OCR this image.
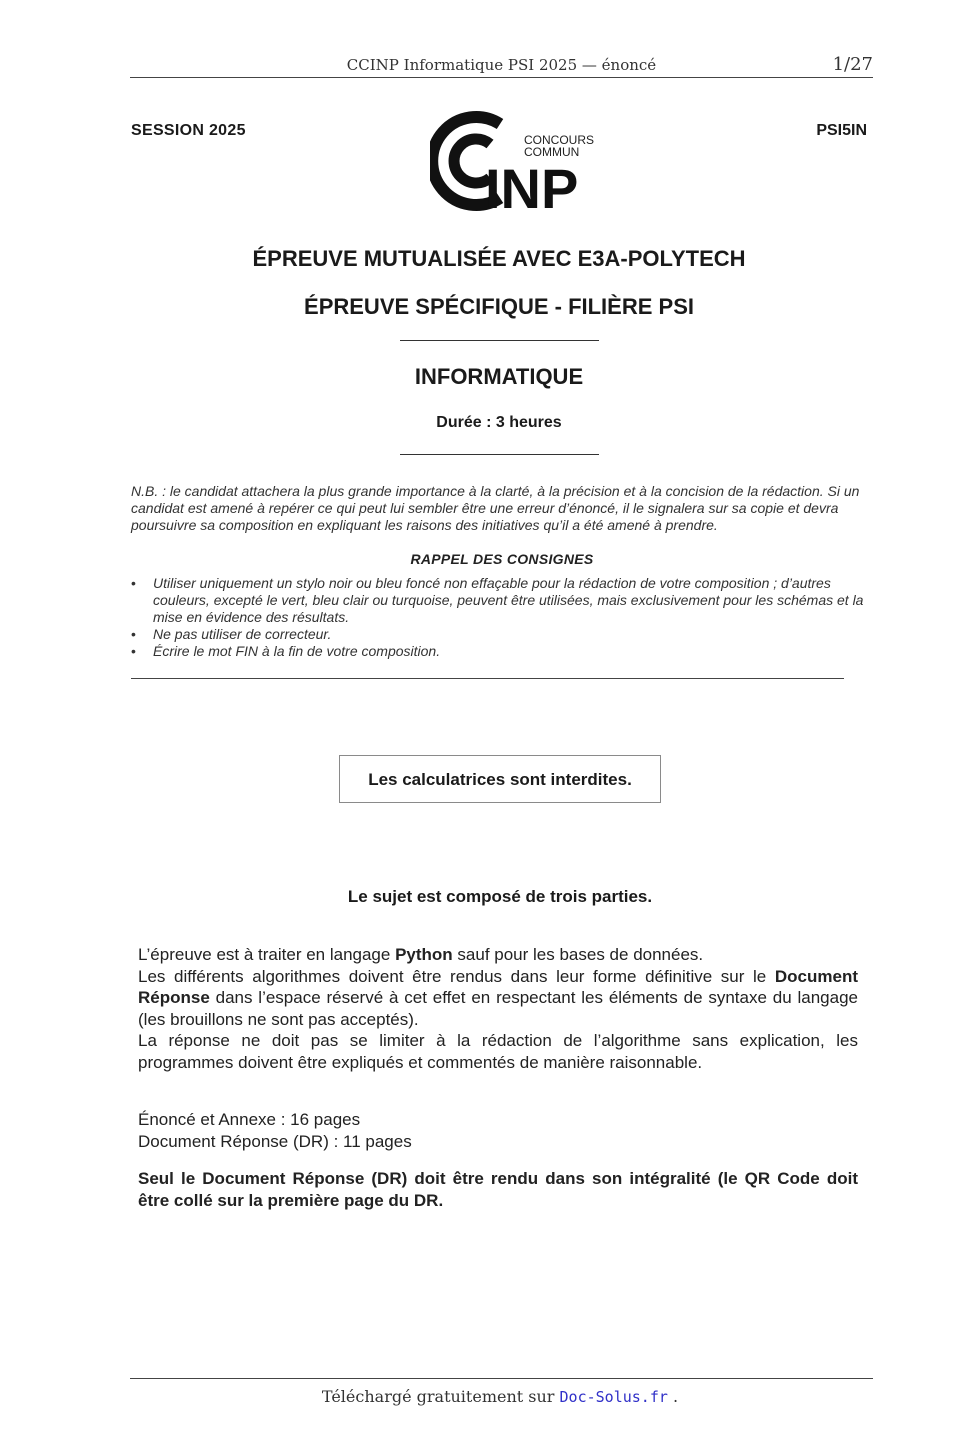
CCINP Informatique PSI 2025 — énoncé	1/27
SESSION 2025	PSI5IN
CONCOURS
COMMUN
INP
ÉPREUVE MUTUALISÉE AVEC E3A-POLYTECH
ÉPREUVE SPÉCIFIQUE - FILIÈRE PSI
INFORMATIQUE
Durée : 3 heures
N.B. : le candidat attachera la plus grande importance à la clarté, à la précision et à la concision de la rédaction. Si un candidat est amené à repérer ce qui peut lui sembler être une erreur d’énoncé, il le signalera sur sa copie et devra poursuivre sa composition en expliquant les raisons des initiatives qu’il a été amené à prendre.
RAPPEL DES CONSIGNES
• Utiliser uniquement un stylo noir ou bleu foncé non effaçable pour la rédaction de votre composition ; d’autres couleurs, excepté le vert, bleu clair ou turquoise, peuvent être utilisées, mais exclusivement pour les schémas et la mise en évidence des résultats.
• Ne pas utiliser de correcteur.
• Écrire le mot FIN à la fin de votre composition.
Les calculatrices sont interdites.
Le sujet est composé de trois parties.
L’épreuve est à traiter en langage Python sauf pour les bases de données.
Les différents algorithmes doivent être rendus dans leur forme définitive sur le Document Réponse dans l’espace réservé à cet effet en respectant les éléments de syntaxe du langage (les brouillons ne sont pas acceptés).
La réponse ne doit pas se limiter à la rédaction de l’algorithme sans explication, les programmes doivent être expliqués et commentés de manière raisonnable.
Énoncé et Annexe : 16 pages
Document Réponse (DR) : 11 pages
Seul le Document Réponse (DR) doit être rendu dans son intégralité (le QR Code doit être collé sur la première page du DR.
Téléchargé gratuitement sur Doc-Solus.fr .
